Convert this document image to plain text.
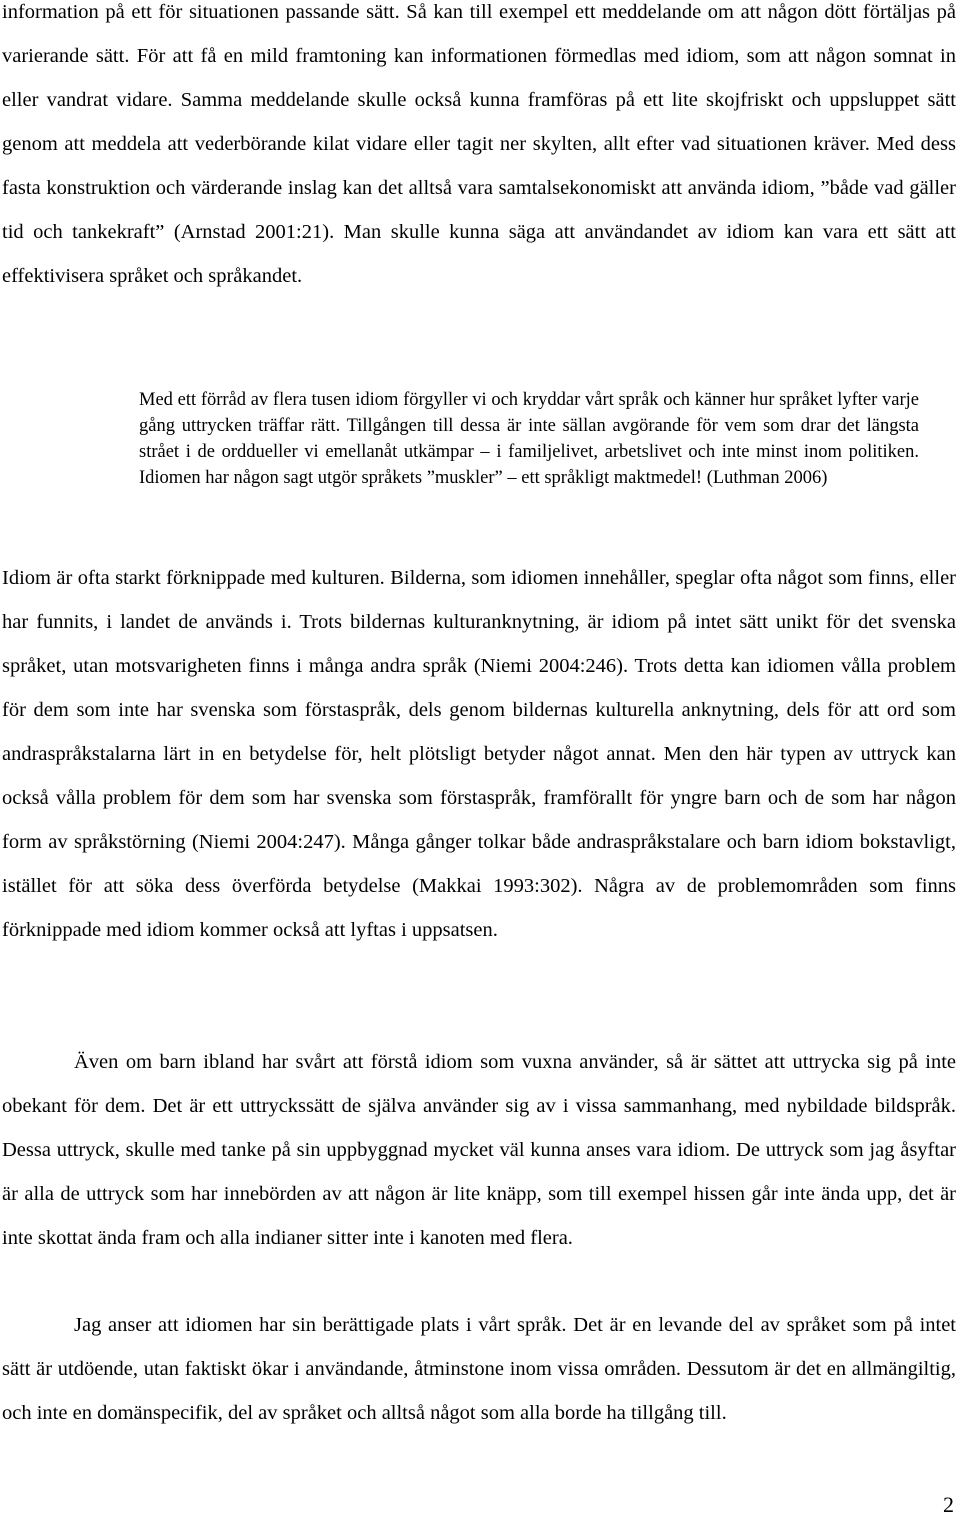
information på ett för situationen passande sätt. Så kan till exempel ett meddelande om att någon dött förtäljas på varierande sätt. För att få en mild framtoning kan informationen förmedlas med idiom, som att någon somnat in eller vandrat vidare. Samma meddelande skulle också kunna framföras på ett lite skojfriskt och uppsluppet sätt genom att meddela att vederbörande kilat vidare eller tagit ner skylten, allt efter vad situationen kräver. Med dess fasta konstruktion och värderande inslag kan det alltså vara samtalsekonomiskt att använda idiom, ”både vad gäller tid och tankekraft” (Arnstad 2001:21). Man skulle kunna säga att användandet av idiom kan vara ett sätt att effektivisera språket och språkandet.

Med ett förråd av flera tusen idiom förgyller vi och kryddar vårt språk och känner hur språket lyfter varje gång uttrycken träffar rätt. Tillgången till dessa är inte sällan avgörande för vem som drar det längsta strået i de orddueller vi emellanåt utkämpar – i familjelivet, arbetslivet och inte minst inom politiken. Idiomen har någon sagt utgör språkets ”muskler” – ett språkligt maktmedel! (Luthman 2006)

Idiom är ofta starkt förknippade med kulturen. Bilderna, som idiomen innehåller, speglar ofta något som finns, eller har funnits, i landet de används i. Trots bildernas kulturanknytning, är idiom på intet sätt unikt för det svenska språket, utan motsvarigheten finns i många andra språk (Niemi 2004:246). Trots detta kan idiomen vålla problem för dem som inte har svenska som förstaspråk, dels genom bildernas kulturella anknytning, dels för att ord som andraspråkstalarna lärt in en betydelse för, helt plötsligt betyder något annat. Men den här typen av uttryck kan också vålla problem för dem som har svenska som förstaspråk, framförallt för yngre barn och de som har någon form av språkstörning (Niemi 2004:247). Många gånger tolkar både andraspråkstalare och barn idiom bokstavligt, istället för att söka dess överförda betydelse (Makkai 1993:302). Några av de problemområden som finns förknippade med idiom kommer också att lyftas i uppsatsen.

Även om barn ibland har svårt att förstå idiom som vuxna använder, så är sättet att uttrycka sig på inte obekant för dem. Det är ett uttryckssätt de själva använder sig av i vissa sammanhang, med nybildade bildspråk. Dessa uttryck, skulle med tanke på sin uppbyggnad mycket väl kunna anses vara idiom. De uttryck som jag åsyftar är alla de uttryck som har innebörden av att någon är lite knäpp, som till exempel hissen går inte ända upp, det är inte skottat ända fram och alla indianer sitter inte i kanoten med flera.

Jag anser att idiomen har sin berättigade plats i vårt språk. Det är en levande del av språket som på intet sätt är utdöende, utan faktiskt ökar i användande, åtminstone inom vissa områden. Dessutom är det en allmängiltig, och inte en domänspecifik, del av språket och alltså något som alla borde ha tillgång till.

2
